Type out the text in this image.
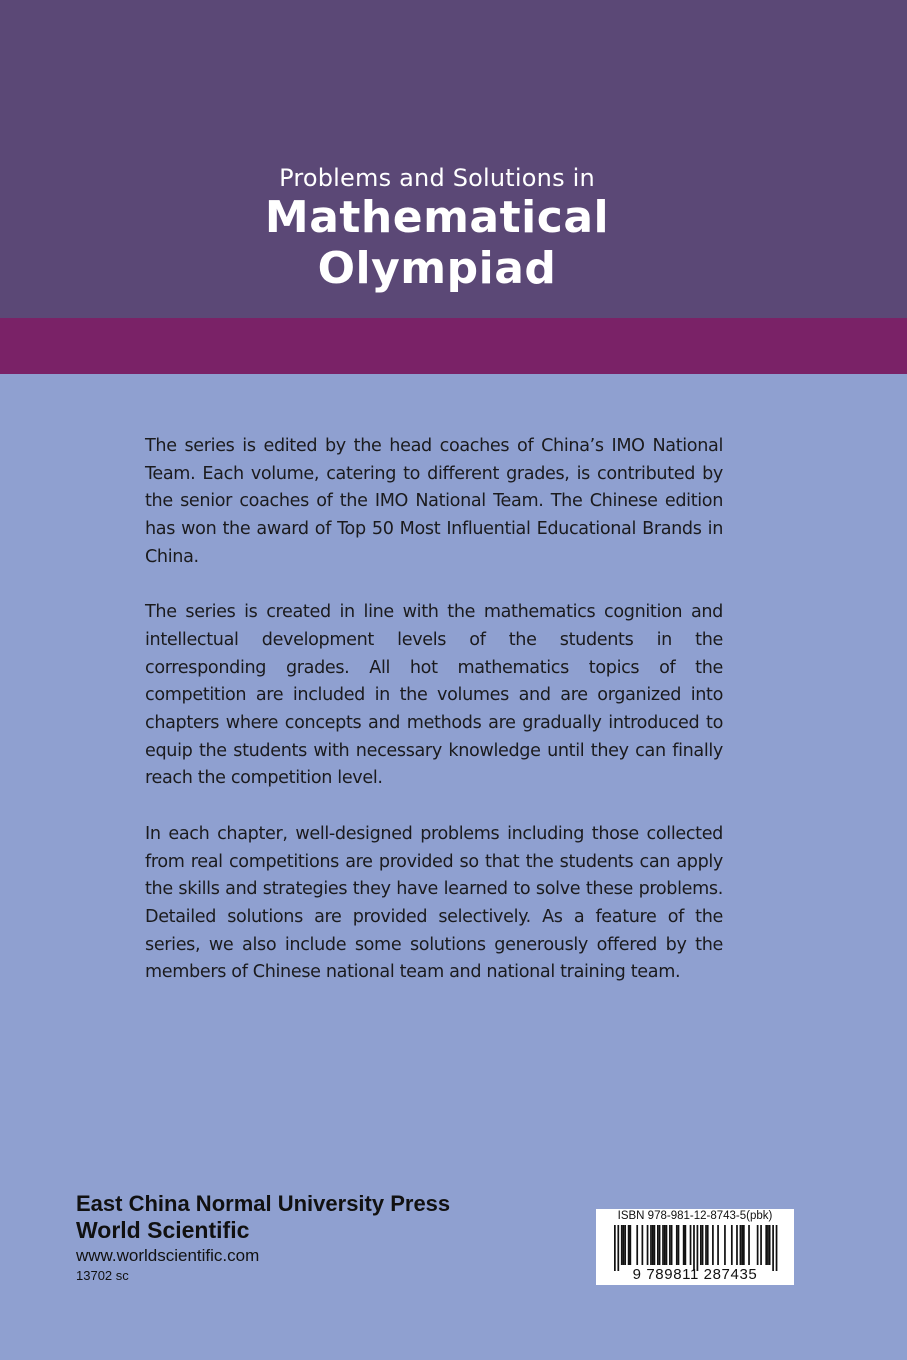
Problems and Solutions in
Mathematical
Olympiad

The series is edited by the head coaches of China’s IMO National Team. Each volume, catering to different grades, is contributed by the senior coaches of the IMO National Team. The Chinese edition has won the award of Top 50 Most Influential Educational Brands in China.

The series is created in line with the mathematics cognition and intellectual development levels of the students in the corresponding grades. All hot mathematics topics of the competition are included in the volumes and are organized into chapters where concepts and methods are gradually introduced to equip the students with necessary knowledge until they can finally reach the competition level.

In each chapter, well-designed problems including those collected from real competitions are provided so that the students can apply the skills and strategies they have learned to solve these problems. Detailed solutions are provided selectively. As a feature of the series, we also include some solutions generously offered by the members of Chinese national team and national training team.

East China Normal University Press
World Scientific
www.worldscientific.com
13702 sc
ISBN 978-981-12-8743-5(pbk)
9 789811 287435
